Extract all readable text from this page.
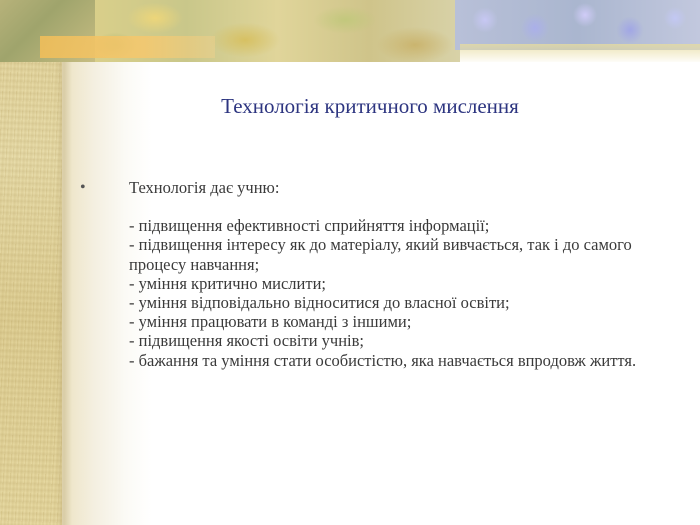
Технологія критичного мислення
•	Технологія дає учню:

- підвищення ефективності сприйняття інформації;

- підвищення інтересу як до матеріалу, який вивчається, так і до самого процесу навчання;

- уміння критично мислити;

- уміння відповідально відноситися до власної освіти;

- уміння працювати в команді з іншими;

- підвищення якості освіти учнів;

- бажання та уміння стати особистістю, яка навчається впродовж життя.
